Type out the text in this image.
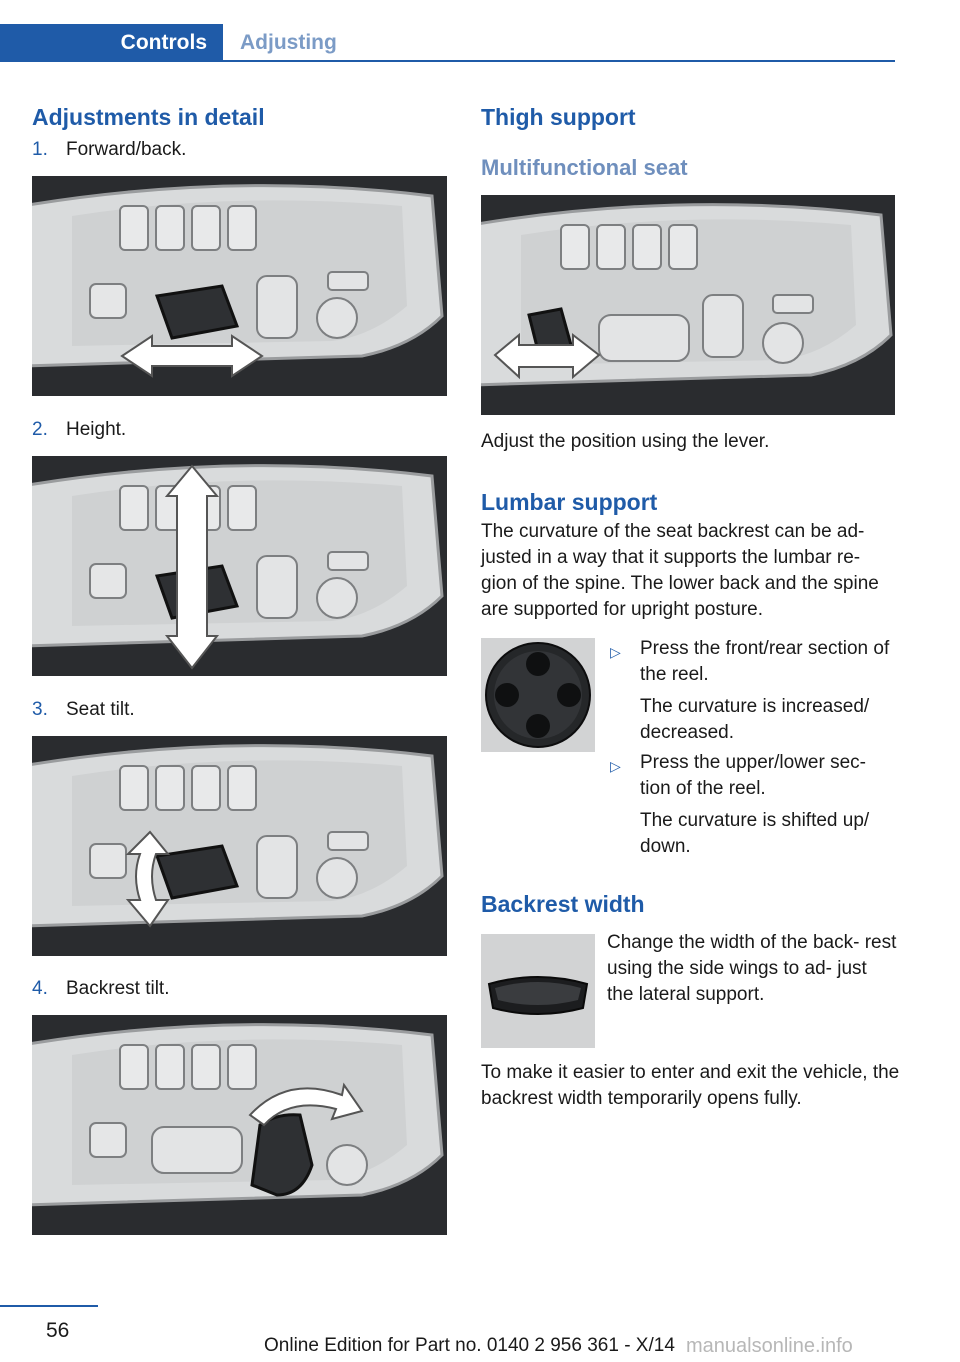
Controls	Adjusting
Adjustments in detail
1. Forward/back.
2. Height.
3. Seat tilt.
4. Backrest tilt.
Thigh support
Multifunctional seat

Adjust the position using the lever.

Lumbar support

The curvature of the seat backrest can be ad‐ justed in a way that it supports the lumbar re‐ gion of the spine. The lower back and the spine are supported for upright posture.

▷ Press the front/rear section of the reel.
The curvature is increased/ decreased.
▷ Press the upper/lower sec‐ tion of the reel.
The curvature is shifted up/ down.
Backrest width

Change the width of the back‐ rest using the side wings to ad‐ just the lateral support.

To make it easier to enter and exit the vehicle, the backrest width temporarily opens fully.

56
Online Edition for Part no. 0140 2 956 361 - X/14 manualsonline.info
